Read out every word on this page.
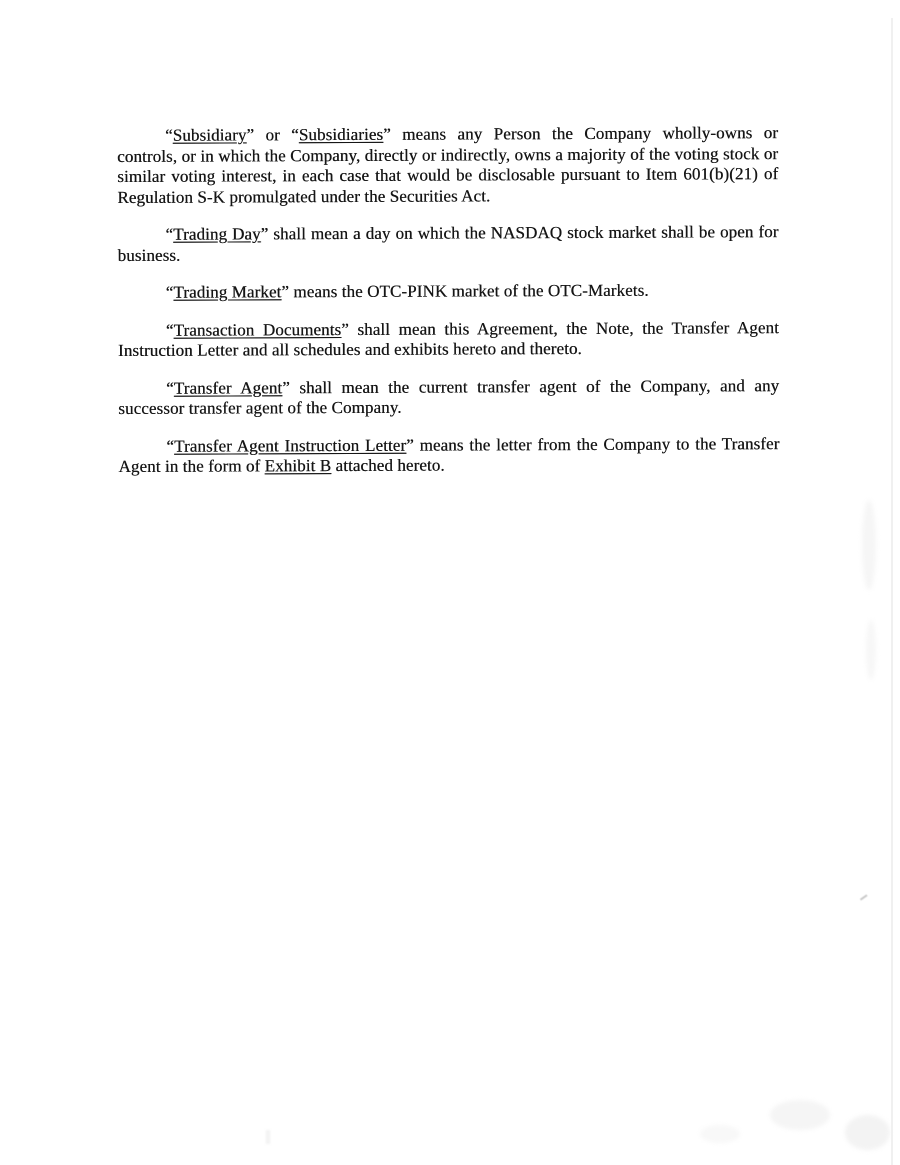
“Subsidiary” or “Subsidiaries” means any Person the Company wholly-owns or controls, or in which the Company, directly or indirectly, owns a majority of the voting stock or similar voting interest, in each case that would be disclosable pursuant to Item 601(b)(21) of Regulation S-K promulgated under the Securities Act.

“Trading Day” shall mean a day on which the NASDAQ stock market shall be open for business.

“Trading Market” means the OTC-PINK market of the OTC-Markets.

“Transaction Documents” shall mean this Agreement, the Note, the Transfer Agent Instruction Letter and all schedules and exhibits hereto and thereto.

“Transfer Agent” shall mean the current transfer agent of the Company, and any successor transfer agent of the Company.

“Transfer Agent Instruction Letter” means the letter from the Company to the Transfer Agent in the form of Exhibit B attached hereto.
